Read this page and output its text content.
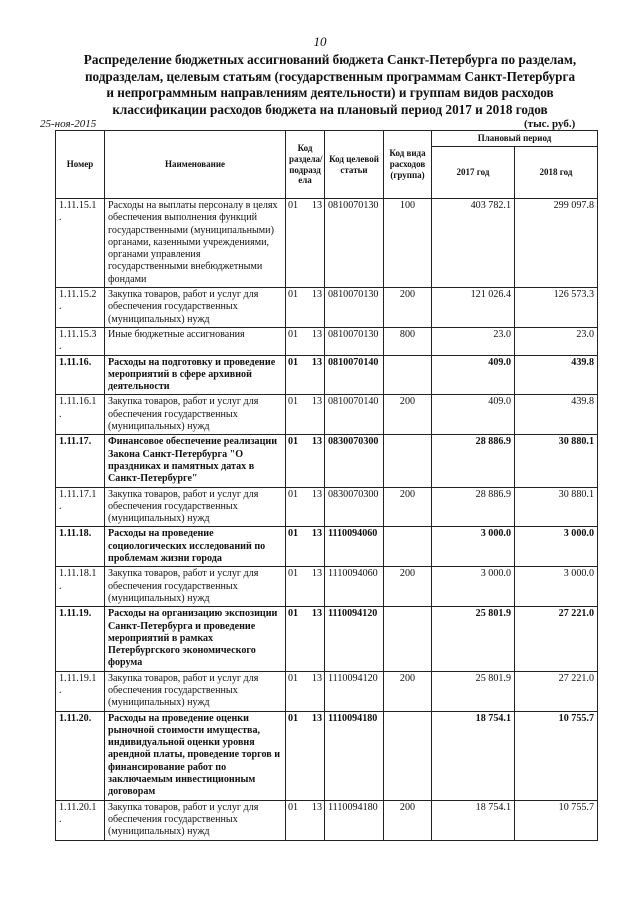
10
Распределение бюджетных ассигнований бюджета Санкт-Петербурга по разделам,
подразделам, целевым статьям (государственным программам Санкт-Петербурга
и непрограммным направлениям деятельности) и группам видов расходов
классификации расходов бюджета на плановый период 2017 и 2018 годов
25-ноя-2015	(тыс. руб.)
Номер	Наименование	Код раздела/ подразд ела		Код целевой статьи	Код вида расходов (группа)	Плановый период	
						2017 год	2018 год
1.11.15.1 .	Расходы на выплаты персоналу в целях обеспечения выполнения функций государственными (муниципальными) органами, казенными учреждениями, органами управления государственными внебюджетными фондами	01	13	0810070130	100	403 782.1	299 097.8
1.11.15.2 .	Закупка товаров, работ и услуг для обеспечения государственных (муниципальных) нужд	01	13	0810070130	200	121 026.4	126 573.3
1.11.15.3 .	Иные бюджетные ассигнования	01	13	0810070130	800	23.0	23.0
1.11.16.	Расходы на подготовку и проведение мероприятий в сфере архивной деятельности	01	13	0810070140		409.0	439.8
1.11.16.1 .	Закупка товаров, работ и услуг для обеспечения государственных (муниципальных) нужд	01	13	0810070140	200	409.0	439.8
1.11.17.	Финансовое обеспечение реализации Закона Санкт-Петербурга "О праздниках и памятных датах в Санкт-Петербурге"	01	13	0830070300		28 886.9	30 880.1
1.11.17.1 .	Закупка товаров, работ и услуг для обеспечения государственных (муниципальных) нужд	01	13	0830070300	200	28 886.9	30 880.1
1.11.18.	Расходы на проведение социологических исследований по проблемам жизни города	01	13	1110094060		3 000.0	3 000.0
1.11.18.1 .	Закупка товаров, работ и услуг для обеспечения государственных (муниципальных) нужд	01	13	1110094060	200	3 000.0	3 000.0
1.11.19.	Расходы на организацию экспозиции Санкт-Петербурга и проведение мероприятий в рамках Петербургского экономического форума	01	13	1110094120		25 801.9	27 221.0
1.11.19.1 .	Закупка товаров, работ и услуг для обеспечения государственных (муниципальных) нужд	01	13	1110094120	200	25 801.9	27 221.0
1.11.20.	Расходы на проведение оценки рыночной стоимости имущества, индивидуальной оценки уровня арендной платы, проведение торгов и финансирование работ по заключаемым инвестиционным договорам	01	13	1110094180		18 754.1	10 755.7
1.11.20.1 .	Закупка товаров, работ и услуг для обеспечения государственных (муниципальных) нужд	01	13	1110094180	200	18 754.1	10 755.7
